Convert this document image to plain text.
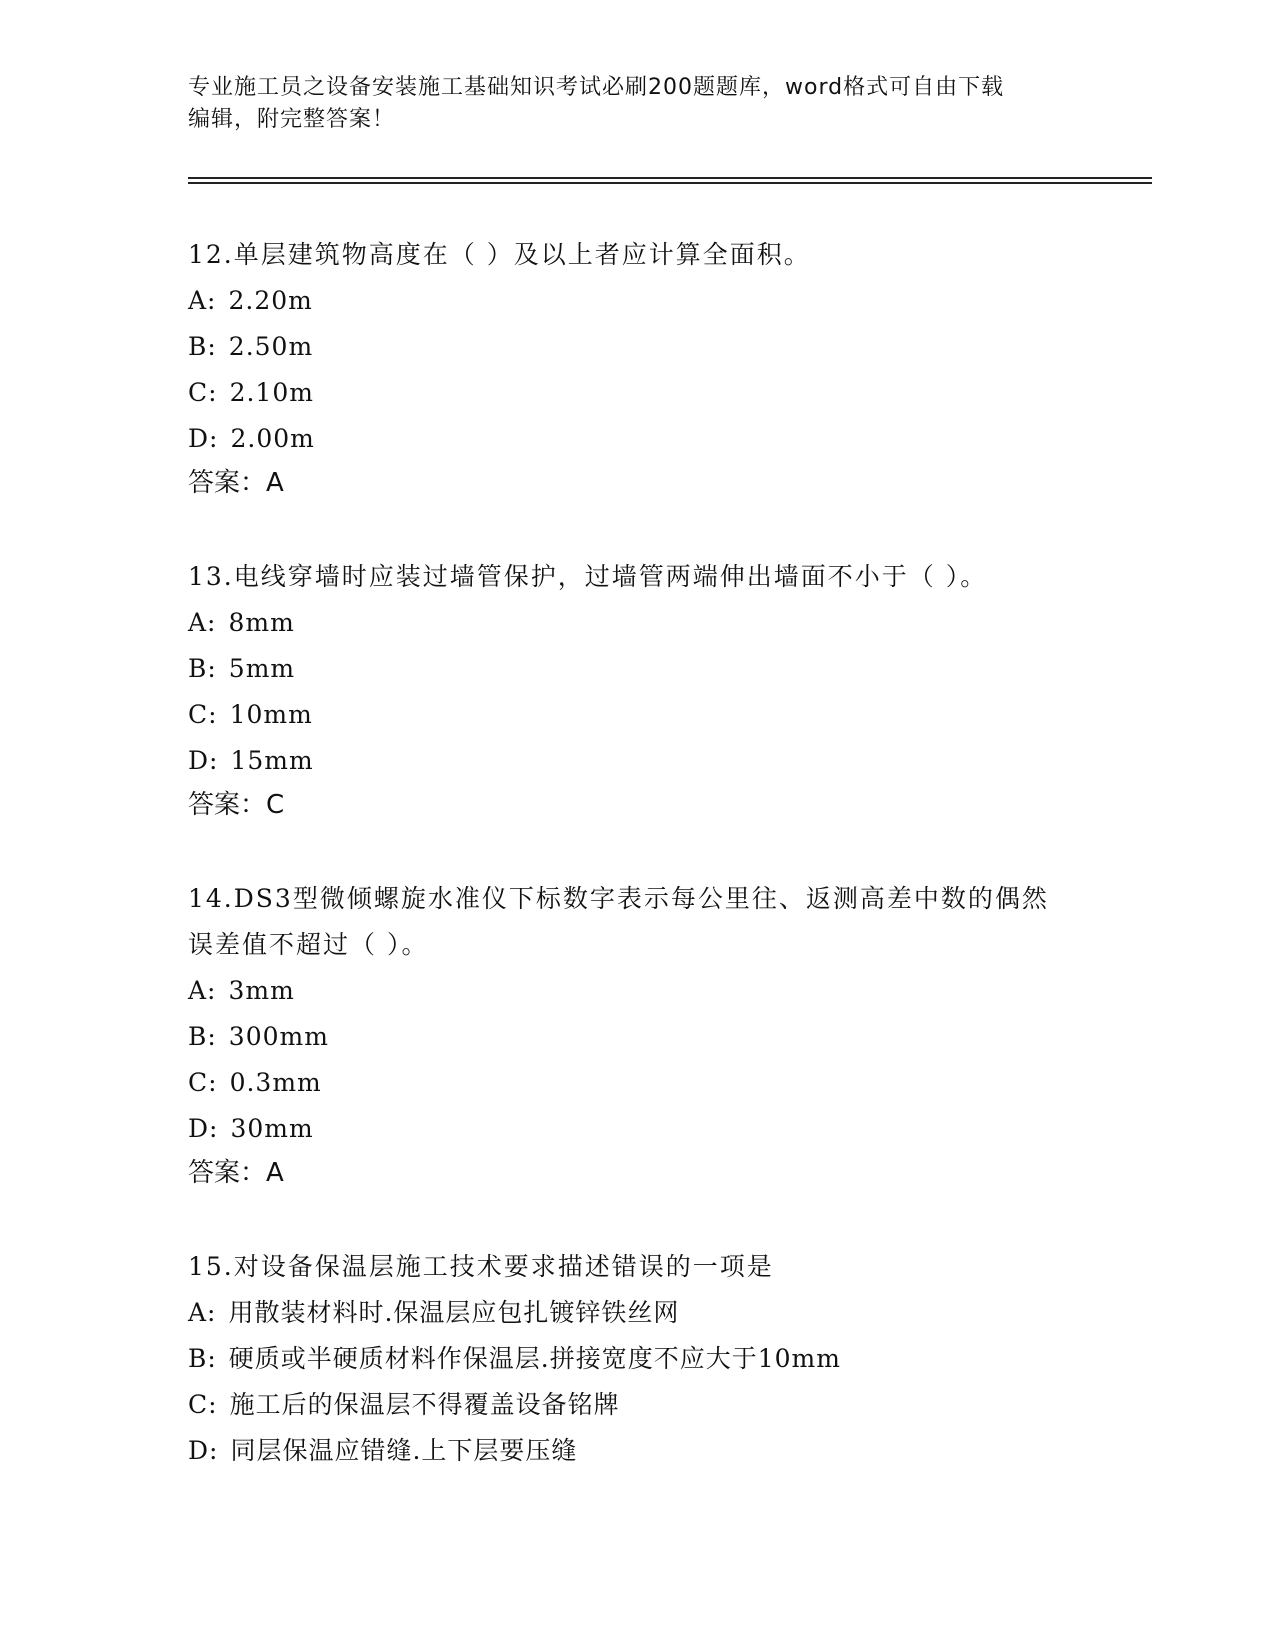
专业施工员之设备安装施工基础知识考试必刷200题题库，word格式可自由下载
编辑，附完整答案！
12.单层建筑物高度在（ ）及以上者应计算全面积。
A: 2.20m
B: 2.50m
C: 2.10m
D: 2.00m
答案：A
13.电线穿墙时应装过墙管保护，过墙管两端伸出墙面不小于（ ）。
A: 8mm
B: 5mm
C: 10mm
D: 15mm
答案：C
14.DS3型微倾螺旋水准仪下标数字表示每公里往、返测高差中数的偶然误差值不超过（ ）。
A: 3mm
B: 300mm
C: 0.3mm
D: 30mm
答案：A
15.对设备保温层施工技术要求描述错误的一项是
A: 用散装材料时.保温层应包扎镀锌铁丝网
B: 硬质或半硬质材料作保温层.拼接宽度不应大于10mm
C: 施工后的保温层不得覆盖设备铭牌
D: 同层保温应错缝.上下层要压缝
